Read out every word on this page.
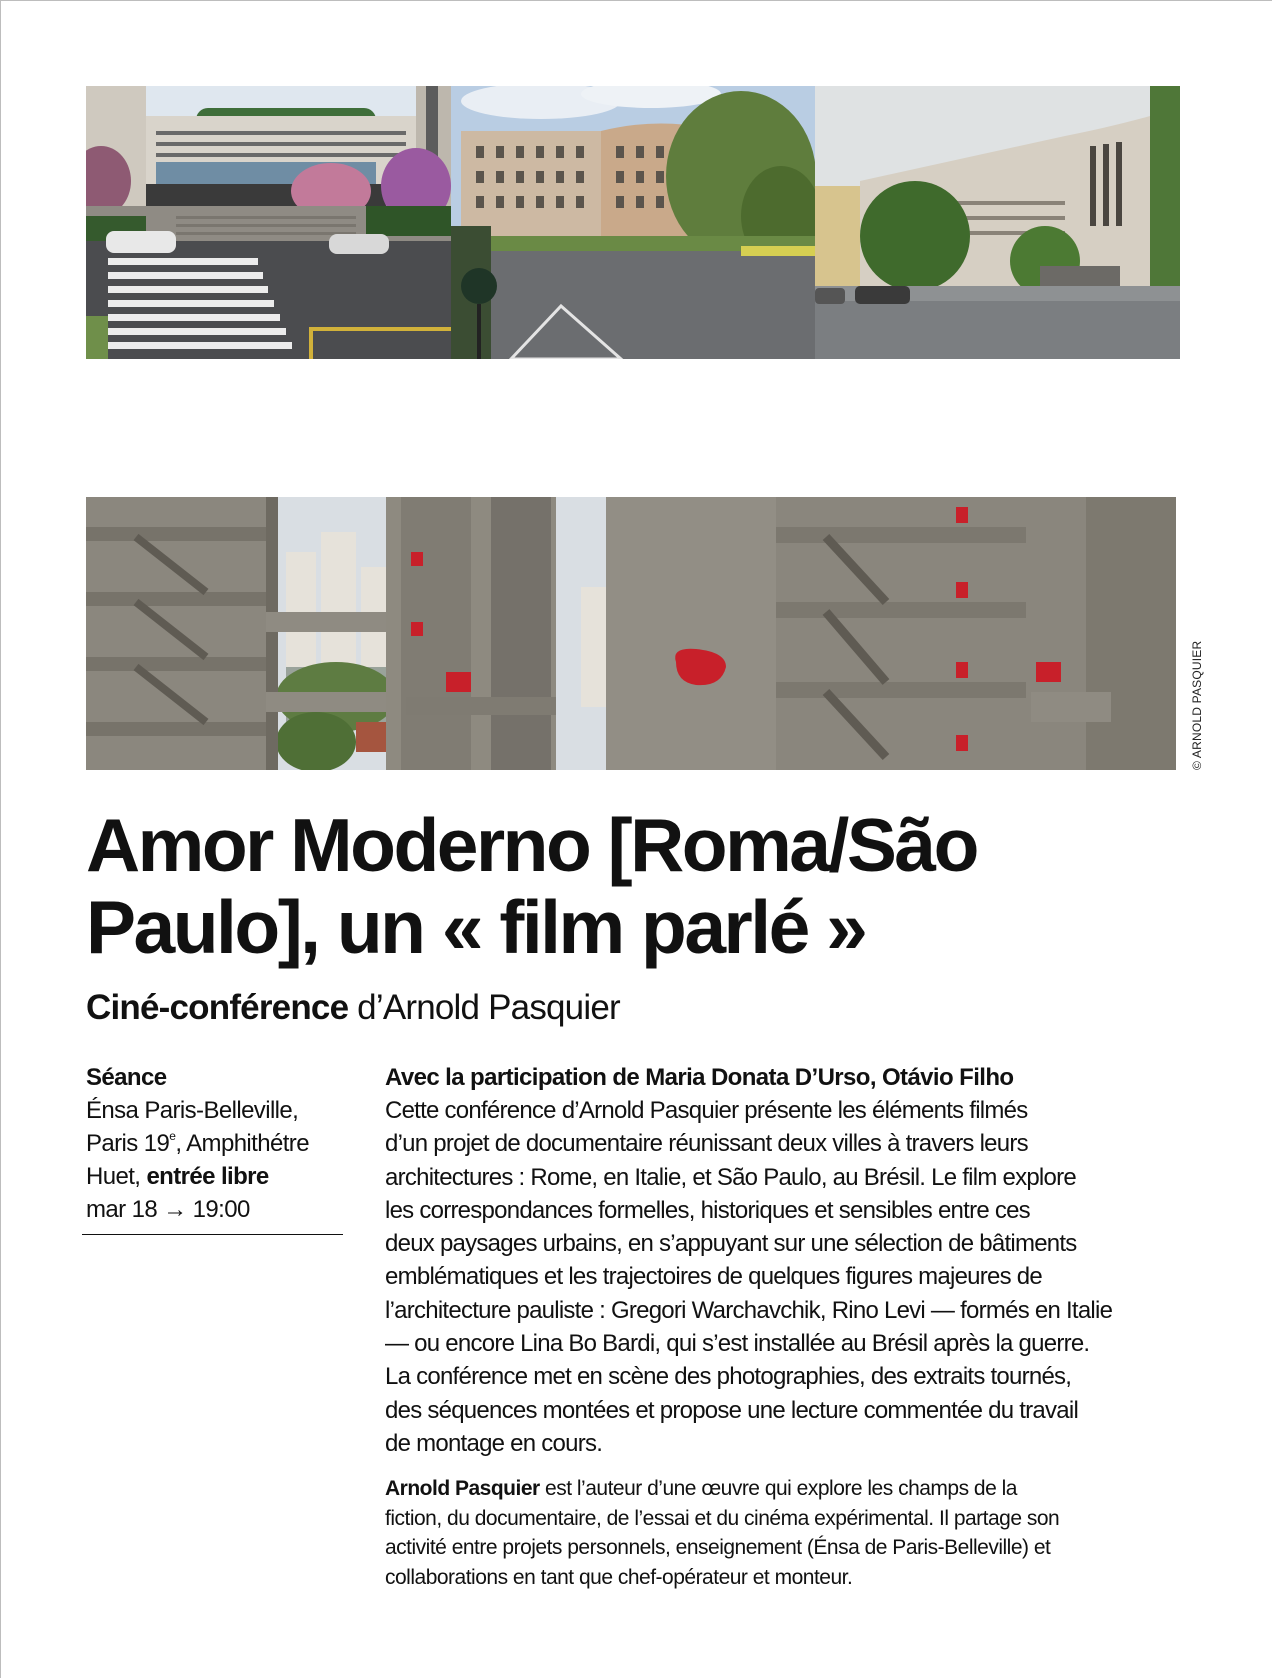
© ARNOLD PASQUIER
Amor Moderno [Roma/São
Paulo], un « film parlé »
Ciné-conférence d’Arnold Pasquier
Séance
Énsa Paris-Belleville,
Paris 19e, Amphithétre
Huet, entrée libre
mar 18 → 19:00
Avec la participation de Maria Donata D’Urso, Otávio Filho
Cette conférence d’Arnold Pasquier présente les éléments filmés
d’un projet de documentaire réunissant deux villes à travers leurs
architectures : Rome, en Italie, et São Paulo, au Brésil. Le film explore
les correspondances formelles, historiques et sensibles entre ces
deux paysages urbains, en s’appuyant sur une sélection de bâtiments
emblématiques et les trajectoires de quelques figures majeures de
l’architecture pauliste : Gregori Warchavchik, Rino Levi — formés en Italie
— ou encore Lina Bo Bardi, qui s’est installée au Brésil après la guerre.
La conférence met en scène des photographies, des extraits tournés,
des séquences montées et propose une lecture commentée du travail
de montage en cours.
Arnold Pasquier est l’auteur d’une œuvre qui explore les champs de la
fiction, du documentaire, de l’essai et du cinéma expérimental. Il partage son
activité entre projets personnels, enseignement (Énsa de Paris-Belleville) et
collaborations en tant que chef-opérateur et monteur.
